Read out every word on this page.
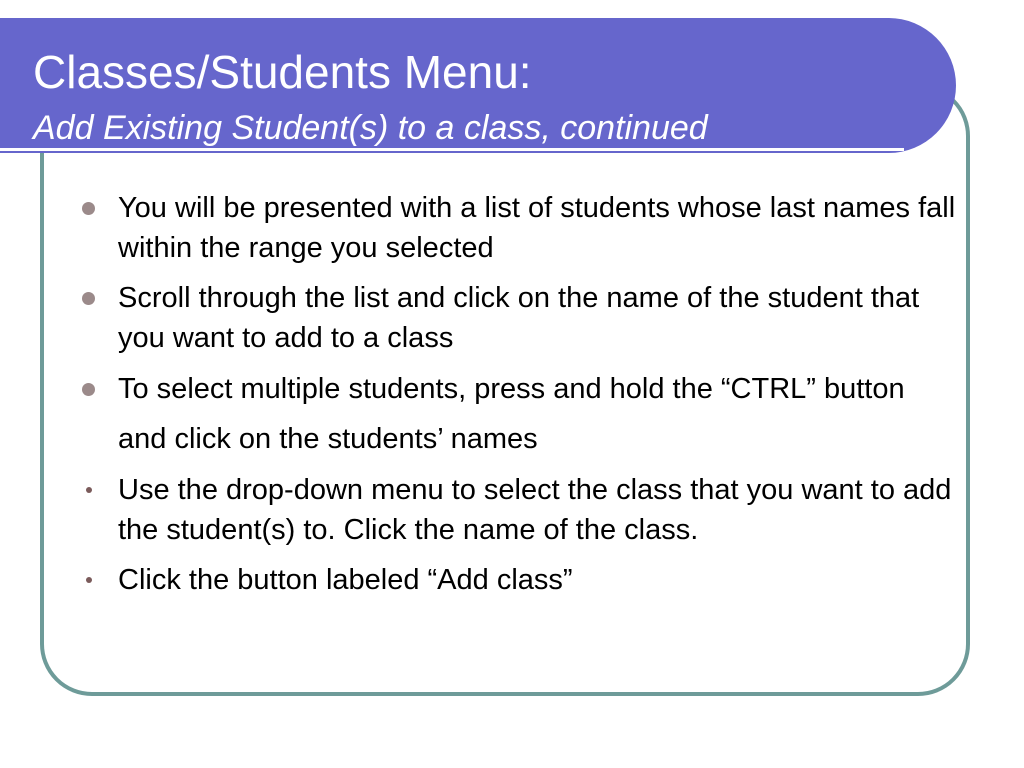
Classes/Students Menu:
Add Existing Student(s) to a class, continued
You will be presented with a list of students whose last names fall within the range you selected
Scroll through the list and click on the name of the student that you want to add to a class
To select multiple students, press and hold the “CTRL” button and click on the students’ names
Use the drop-down menu to select the class that you want to add the student(s) to. Click the name of the class.
Click the button labeled “Add class”
